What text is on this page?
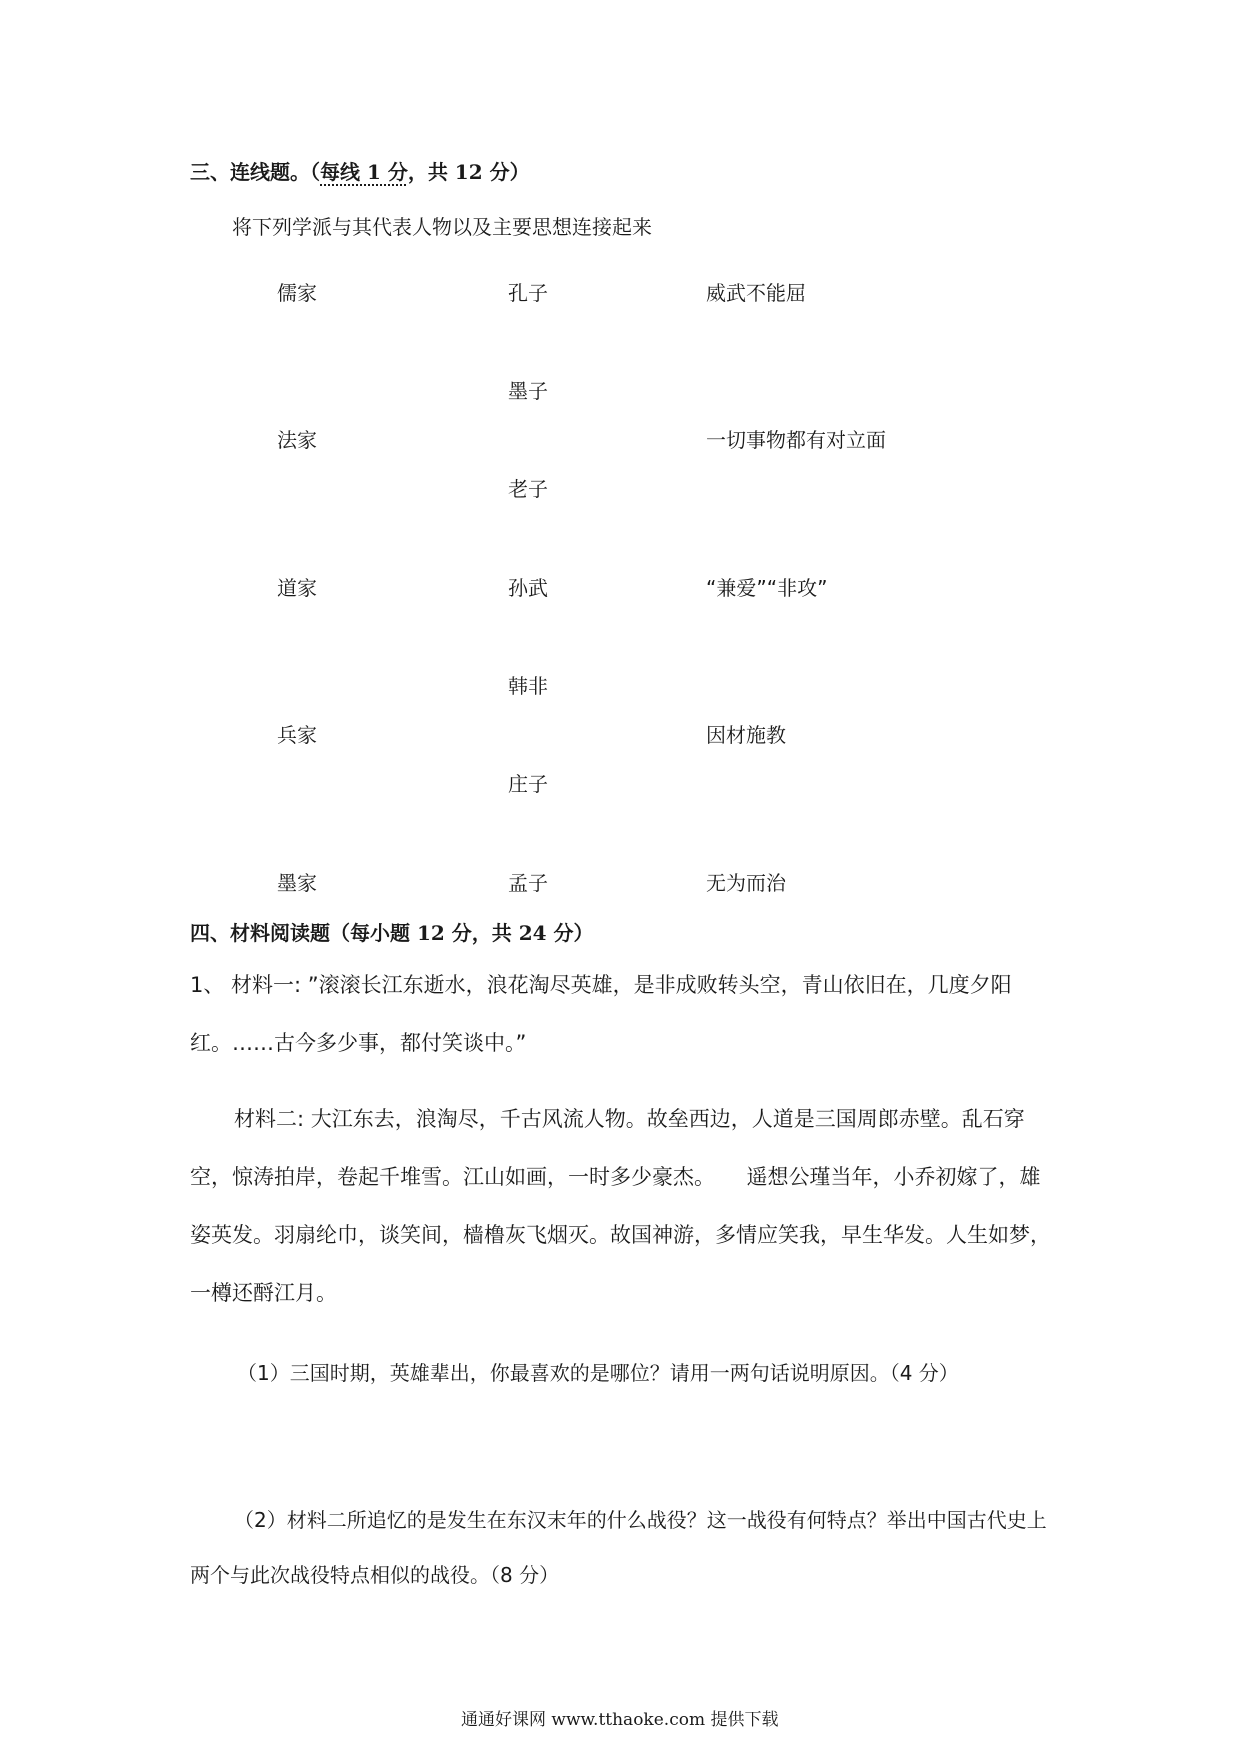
三、连线题。（每线 1 分，共 12 分）
将下列学派与其代表人物以及主要思想连接起来
儒家
法家
道家
兵家
墨家
孔子
墨子
老子
孙武
韩非
庄子
孟子
威武不能屈
一切事物都有对立面
“兼爱”“非攻”
因材施教
无为而治
四、材料阅读题（每小题 12 分，共 24 分）
1、 材料一: ”滚滚长江东逝水，浪花淘尽英雄，是非成败转头空，青山依旧在，几度夕阳红。……古今多少事，都付笑谈中。”
材料二: 大江东去，浪淘尽，千古风流人物。故垒西边，人道是三国周郎赤壁。乱石穿空，惊涛拍岸，卷起千堆雪。江山如画，一时多少豪杰。　　遥想公瑾当年，小乔初嫁了，雄姿英发。羽扇纶巾，谈笑间，樯橹灰飞烟灭。故国神游，多情应笑我，早生华发。人生如梦，一樽还酹江月。
（1）三国时期，英雄辈出，你最喜欢的是哪位？请用一两句话说明原因。（4 分）
（2）材料二所追忆的是发生在东汉末年的什么战役？这一战役有何特点？举出中国古代史上两个与此次战役特点相似的战役。（8 分）
通通好课网 www.tthaoke.com 提供下载
